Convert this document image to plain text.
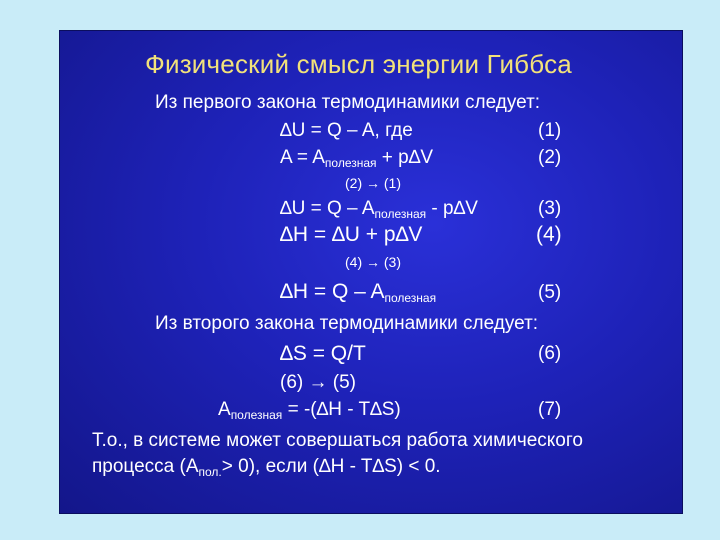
Физический смысл энергии Гиббса
Из первого закона термодинамики следует:
∆U = Q – A, где	(1)
$A = A_{полезная} + p\Delta V$	(2)
(2) → (1)
$\Delta U = Q - A_{полезная} - p\Delta V$	(3)
∆H = ∆U + p∆V	(4)
(4) → (3)
∆H = Q – Aполезная	(5)
Из второго закона термодинамики следует:
∆S = Q/T	(6)
(6) → (5)
$A_{полезная} = -(\Delta H - T\Delta S)$	(7)
Т.о., в системе может совершаться работа химического
процесса $(A_{пол.}> 0)$, если (∆H - T∆S) < 0.
